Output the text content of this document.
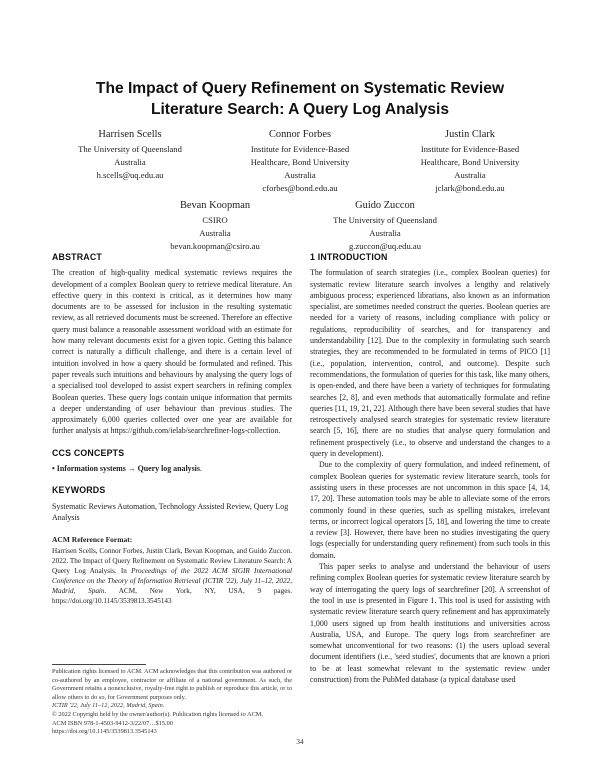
The Impact of Query Refinement on Systematic Review Literature Search: A Query Log Analysis
Harrisen Scells
The University of Queensland
Australia
h.scells@uq.edu.au
Connor Forbes
Institute for Evidence-Based
Healthcare, Bond University
Australia
cforbes@bond.edu.au
Justin Clark
Institute for Evidence-Based
Healthcare, Bond University
Australia
jclark@bond.edu.au
Bevan Koopman
CSIRO
Australia
bevan.koopman@csiro.au
Guido Zuccon
The University of Queensland
Australia
g.zuccon@uq.edu.au

ABSTRACT

The creation of high-quality medical systematic reviews requires the development of a complex Boolean query to retrieve medical literature. An effective query in this context is critical, as it determines how many documents are to be assessed for inclusion in the resulting systematic review, as all retrieved documents must be screened. Therefore an effective query must balance a reasonable assessment workload with an estimate for how many relevant documents exist for a given topic. Getting this balance correct is naturally a difficult challenge, and there is a certain level of intuition involved in how a query should be formulated and refined. This paper reveals such intuitions and behaviours by analysing the query logs of a specialised tool developed to assist expert searchers in refining complex Boolean queries. These query logs contain unique information that permits a deeper understanding of user behaviour than previous studies. The approximately 6,000 queries collected over one year are available for further analysis at https://github.com/ielab/searchrefiner-logs-collection.

CCS CONCEPTS

• Information systems → Query log analysis.

KEYWORDS

Systematic Reviews Automation, Technology Assisted Review, Query Log Analysis

ACM Reference Format:

Harrisen Scells, Connor Forbes, Justin Clark, Bevan Koopman, and Guido Zuccon. 2022. The Impact of Query Refinement on Systematic Review Literature Search: A Query Log Analysis. In Proceedings of the 2022 ACM SIGIR International Conference on the Theory of Information Retrieval (ICTIR '22), July 11–12, 2022, Madrid, Spain. ACM, New York, NY, USA, 9 pages. https://doi.org/10.1145/3539813.3545143

Publication rights licensed to ACM. ACM acknowledges that this contribution was authored or co-authored by an employee, contractor or affiliate of a national government. As such, the Government retains a nonexclusive, royalty-free right to publish or reproduce this article, or to allow others to do so, for Government purposes only.

ICTIR '22, July 11–12, 2022, Madrid, Spain.

© 2022 Copyright held by the owner/author(s). Publication rights licensed to ACM.

ACM ISBN 978-1-4503-9412-3/22/07…$15.00

https://doi.org/10.1145/3539813.3545143

1 INTRODUCTION

The formulation of search strategies (i.e., complex Boolean queries) for systematic review literature search involves a lengthy and relatively ambiguous process; experienced librarians, also known as an information specialist, are sometimes needed construct the queries. Boolean queries are needed for a variety of reasons, including compliance with policy or regulations, reproducibility of searches, and for transparency and understandability [12]. Due to the complexity in formulating such search strategies, they are recommended to be formulated in terms of PICO [1] (i.e., population, intervention, control, and outcome). Despite such recommendations, the formulation of queries for this task, like many others, is open-ended, and there have been a variety of techniques for formulating searches [2, 8], and even methods that automatically formulate and refine queries [11, 19, 21, 22]. Although there have been several studies that have retrospectively analysed search strategies for systematic review literature search [5, 16], there are no studies that analyse query formulation and refinement prospectively (i.e., to observe and understand the changes to a query in development).

Due to the complexity of query formulation, and indeed refinement, of complex Boolean queries for systematic review literature search, tools for assisting users in these processes are not uncommon in this space [4, 14, 17, 20]. These automation tools may be able to alleviate some of the errors commonly found in these queries, such as spelling mistakes, irrelevant terms, or incorrect logical operators [5, 18], and lowering the time to create a review [3]. However, there have been no studies investigating the query logs (especially for understanding query refinement) from such tools in this domain.

This paper seeks to analyse and understand the behaviour of users refining complex Boolean queries for systematic review literature search by way of interrogating the query logs of searchrefiner [20]. A screenshot of the tool in use is presented in Figure 1. This tool is used for assisting with systematic review literature search query refinement and has approximately 1,000 users signed up from health institutions and universities across Australia, USA, and Europe. The query logs from searchrefiner are somewhat unconventional for two reasons: (1) the users upload several document identifiers (i.e., 'seed studies', documents that are known a priori to be at least somewhat relevant to the systematic review under construction) from the PubMed database (a typical database used

34
